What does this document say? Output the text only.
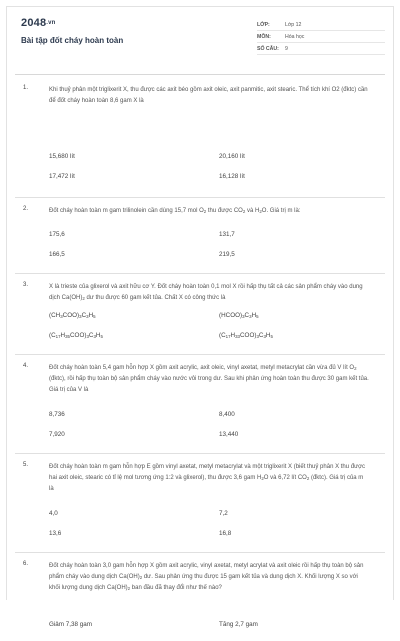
2048.vn
Bài tập đốt cháy hoàn toàn
LỚP:	Lớp 12
MÔN:	Hóa học
SỐ CÂU:	9
1.	Khi thuỷ phân một triglixerit X, thu được các axit béo gồm axit oleic, axit panmitic, axit stearic. Thể tích khí O2 (đktc) cần để đốt cháy hoàn toàn 8,6 gam X là
15,680 lít	20,160 lít
17,472 lít	16,128 lít
2.	Đốt cháy hoàn toàn m gam trilinolein cần dùng 15,7 mol $O_2$ thu được $CO_2$ và $H_2O$. Giá trị m là:
175,6	131,7
166,5	219,5
3.	X là trieste của glixerol và axit hữu cơ Y. Đốt cháy hoàn toàn 0,1 mol X rồi hấp thụ tất cả các sản phẩm cháy vào dung dịch $Ca(OH)_2$ dư thu được 60 gam kết tủa. Chất X có công thức là
$(CH_3COO)_3C_3H_5$	$(HCOO)_3C_3H_5$
$(C_{17}H_{35}COO)_3C_3H_5$	$(C_{17}H_{33}COO)_3C_3H_5$
4.	Đốt cháy hoàn toàn 5,4 gam hỗn hợp X gồm axit acrylic, axit oleic, vinyl axetat, metyl metacrylat cần vừa đủ V lít $O_2$ (đktc), rồi hấp thụ toàn bộ sản phẩm cháy vào nước vôi trong dư. Sau khi phản ứng hoàn toàn thu được 30 gam kết tủa. Giá trị của V là
8,736	8,400
7,920	13,440
5.	Đốt cháy hoàn toàn m gam hỗn hợp E gồm vinyl axetat, metyl metacrylat và một triglixerit X (biết thuỷ phân X thu được hai axit oleic, stearic có tỉ lệ mol tương ứng 1:2 và glixerol), thu được 3,6 gam $H_2O$ và 6,72 lít $CO_2$ (đktc). Giá trị của m là
4,0	7,2
13,6	16,8
6.	Đốt cháy hoàn toàn 3,0 gam hỗn hợp X gồm axit acrylic, vinyl axetat, metyl acrylat và axit oleic rồi hấp thụ toàn bộ sản phẩm cháy vào dung dịch $Ca(OH)_2$ dư. Sau phản ứng thu được 15 gam kết tủa và dung dịch X. Khối lượng X so với khối lượng dung dịch $Ca(OH)_2$ ban đầu đã thay đổi như thế nào?
Giảm 7,38 gam	Tăng 2,7 gam
